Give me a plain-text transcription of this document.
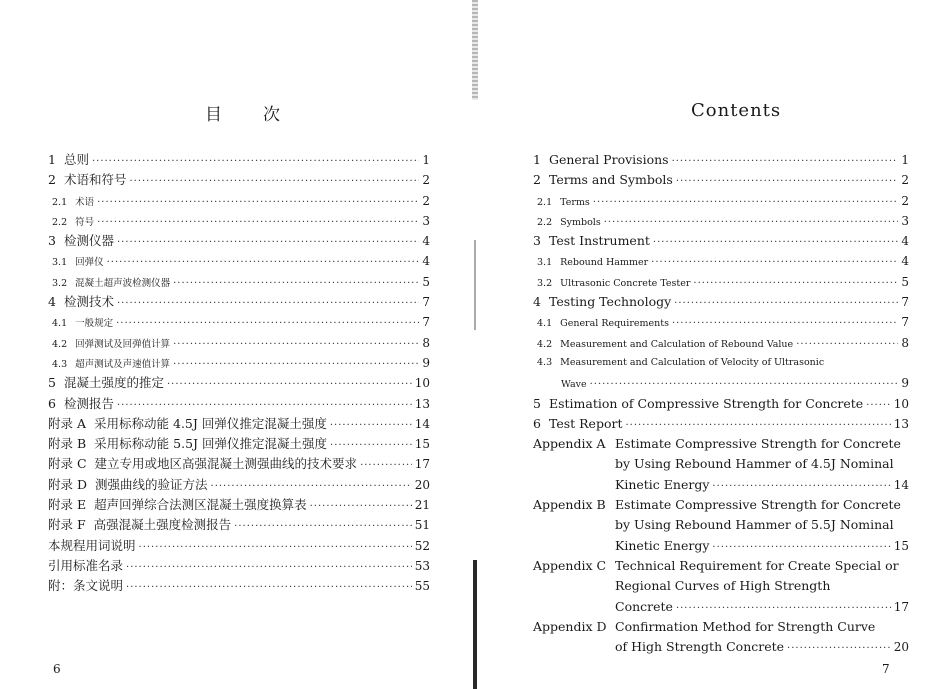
目 次
1 总则 ·····	1
2 术语和符号 ·····	2
2.1 术语 ·····	2
2.2 符号 ·····	3
3 检测仪器 ·····	4
3.1 回弹仪 ·····	4
3.2 混凝土超声波检测仪器 ·····	5
4 检测技术 ·····	7
4.1 一般规定 ·····	7
4.2 回弹测试及回弹值计算 ·····	8
4.3 超声测试及声速值计算 ·····	9
5 混凝土强度的推定 ·····	10
6 检测报告 ·····	13
附录 A 采用标称动能 4.5J 回弹仪推定混凝土强度 ·····	14
附录 B 采用标称动能 5.5J 回弹仪推定混凝土强度 ·····	15
附录 C 建立专用或地区高强混凝土测强曲线的技术要求 ·····	17
附录 D 测强曲线的验证方法 ·····	20
附录 E 超声回弹综合法测区混凝土强度换算表 ·····	21
附录 F 高强混凝土强度检测报告 ·····	51
本规程用词说明 ·····	52
引用标准名录 ·····	53
附：条文说明 ·····	55
6
Contents
1 General Provisions ·····	1
2 Terms and Symbols ·····	2
2.1 Terms ·····	2
2.2 Symbols ·····	3
3 Test Instrument ·····	4
3.1 Rebound Hammer ·····	4
3.2 Ultrasonic Concrete Tester ·····	5
4 Testing Technology ·····	7
4.1 General Requirements ·····	7
4.2 Measurement and Calculation of Rebound Value ·····	8
4.3 Measurement and Calculation of Velocity of Ultrasonic
Wave ·····	9
5 Estimation of Compressive Strength for Concrete ·····	10
6 Test Report ·····	13
Appendix A Estimate Compressive Strength for Concrete
by Using Rebound Hammer of 4.5J Nominal
Kinetic Energy ·····	14
Appendix B Estimate Compressive Strength for Concrete
by Using Rebound Hammer of 5.5J Nominal
Kinetic Energy ·····	15
Appendix C Technical Requirement for Create Special or
Regional Curves of High Strength
Concrete ·····	17
Appendix D Confirmation Method for Strength Curve
of High Strength Concrete ·····	20
7
